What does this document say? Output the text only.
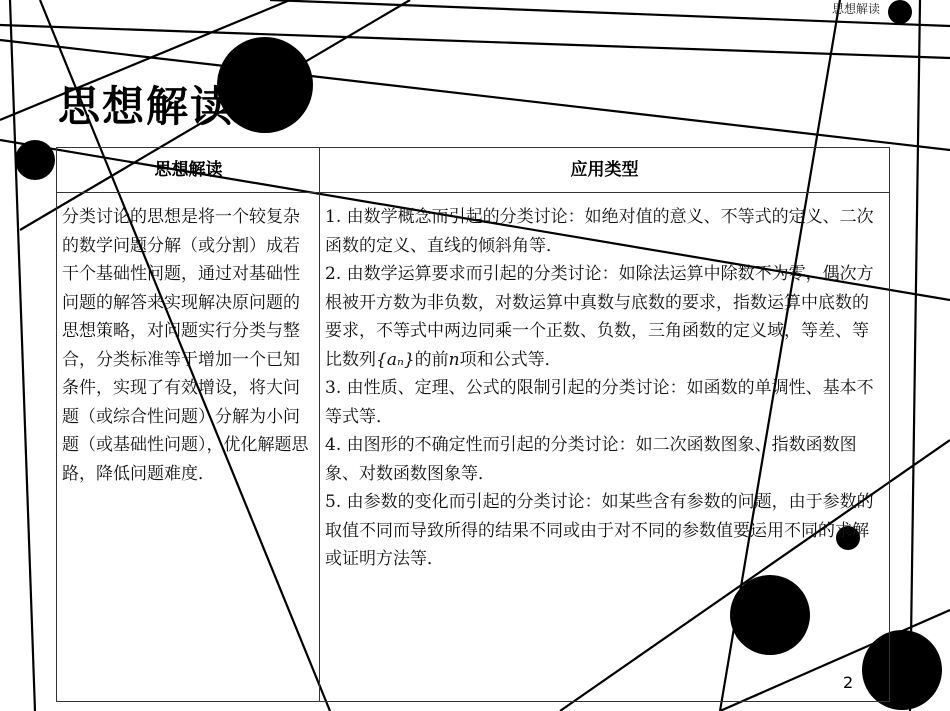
思想解读
思想解读
思想解读	应用类型
分类讨论的思想是将一个较复杂的数学问题分解（或分割）成若干个基础性问题，通过对基础性问题的解答来实现解决原问题的思想策略，对问题实行分类与整合，分类标准等于增加一个已知条件，实现了有效增设，将大问题（或综合性问题）分解为小问题（或基础性问题），优化解题思路，降低问题难度．
1. 由数学概念而引起的分类讨论：如绝对值的意义、不等式的定义、二次函数的定义、直线的倾斜角等．
2. 由数学运算要求而引起的分类讨论：如除法运算中除数不为零，偶次方根被开方数为非负数，对数运算中真数与底数的要求，指数运算中底数的要求，不等式中两边同乘一个正数、负数，三角函数的定义域，等差、等比数列{aₙ}的前n项和公式等．
3. 由性质、定理、公式的限制引起的分类讨论：如函数的单调性、基本不等式等．
4. 由图形的不确定性而引起的分类讨论：如二次函数图象、指数函数图象、对数函数图象等．
5. 由参数的变化而引起的分类讨论：如某些含有参数的问题，由于参数的取值不同而导致所得的结果不同或由于对不同的参数值要运用不同的求解或证明方法等．
2
